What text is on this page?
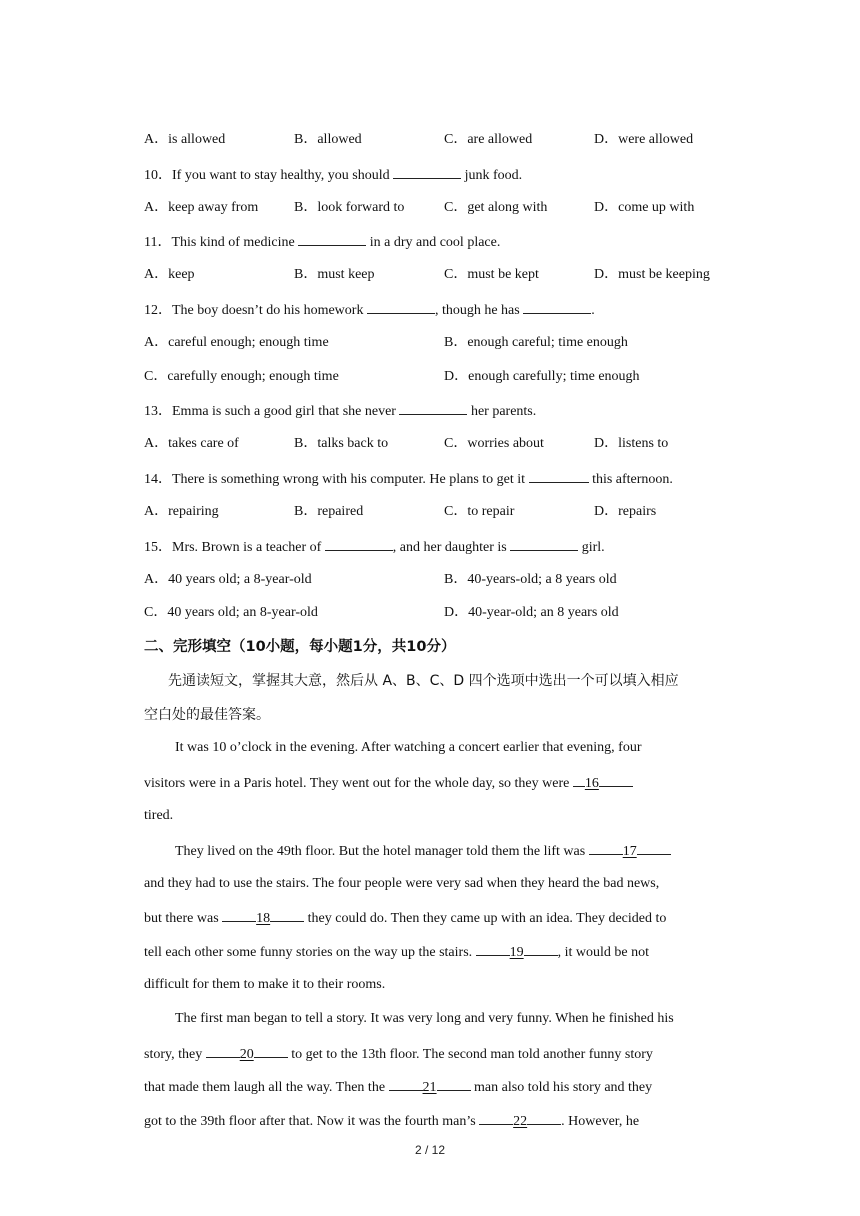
A．is allowed	B．allowed	C．are allowed	D．were allowed
10．If you want to stay healthy, you should	junk food.
A．keep away from	B．look forward to	C．get along with	D．come up with
11．This kind of medicine	in a dry and cool place.
A．keep	B．must keep	C．must be kept	D．must be keeping
12．The boy doesn’t do his homework	, though he has	.
A．careful enough; enough time	B．enough careful; time enough
C．carefully enough; enough time	D．enough carefully; time enough
13．Emma is such a good girl that she never	her parents.
A．takes care of	B．talks back to	C．worries about	D．listens to
14．There is something wrong with his computer. He plans to get it	this afternoon.
A．repairing	B．repaired	C．to repair	D．repairs
15．Mrs. Brown is a teacher of	, and her daughter is	girl.
A．40 years old; a 8-year-old	B．40-years-old; a 8 years old
C．40 years old; an 8-year-old	D．40-year-old; an 8 years old
二、完形填空（10小题，每小题1分，共10分）
先通读短文，掌握其大意，然后从 A、B、C、D 四个选项中选出一个可以填入相应
空白处的最佳答案。
It was 10 o’clock in the evening. After watching a concert earlier that evening, four
visitors were in a Paris hotel. They went out for the whole day, so they were 16
tired.
They lived on the 49th floor. But the hotel manager told them the lift was 17
and they had to use the stairs. The four people were very sad when they heard the bad news,
but there was 18 they could do. Then they came up with an idea. They decided to
tell each other some funny stories on the way up the stairs. 19 , it would be not
difficult for them to make it to their rooms.
The first man began to tell a story. It was very long and very funny. When he finished his
story, they 20 to get to the 13th floor. The second man told another funny story
that made them laugh all the way. Then the 21 man also told his story and they
got to the 39th floor after that. Now it was the fourth man’s 22 . However, he
2 / 12
